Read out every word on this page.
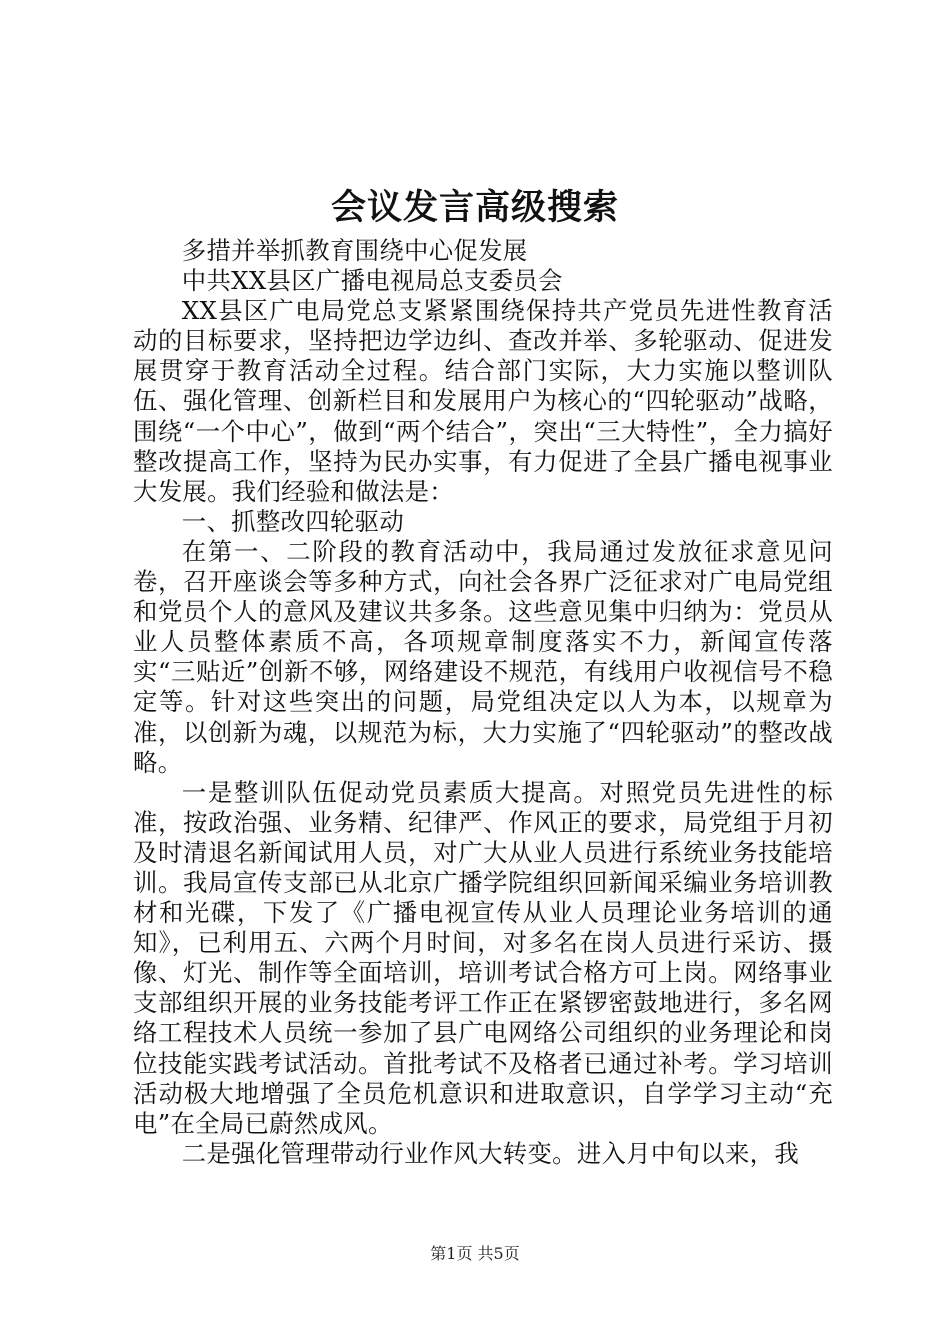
会议发言高级搜索

多措并举抓教育围绕中心促发展

中共XX县区广播电视局总支委员会

XX县区广电局党总支紧紧围绕保持共产党员先进性教育活动的目标要求，坚持把边学边纠、查改并举、多轮驱动、促进发展贯穿于教育活动全过程。结合部门实际，大力实施以整训队伍、强化管理、创新栏目和发展用户为核心的“四轮驱动”战略，围绕“一个中心”，做到“两个结合”，突出“三大特性”，全力搞好整改提高工作，坚持为民办实事，有力促进了全县广播电视事业大发展。我们经验和做法是：

一、抓整改四轮驱动

在第一、二阶段的教育活动中，我局通过发放征求意见问卷，召开座谈会等多种方式，向社会各界广泛征求对广电局党组和党员个人的意风及建议共多条。这些意见集中归纳为：党员从业人员整体素质不高，各项规章制度落实不力，新闻宣传落实“三贴近”创新不够，网络建设不规范，有线用户收视信号不稳定等。针对这些突出的问题，局党组决定以人为本，以规章为准，以创新为魂，以规范为标，大力实施了“四轮驱动”的整改战略。

一是整训队伍促动党员素质大提高。对照党员先进性的标准，按政治强、业务精、纪律严、作风正的要求，局党组于月初及时清退名新闻试用人员，对广大从业人员进行系统业务技能培训。我局宣传支部已从北京广播学院组织回新闻采编业务培训教材和光碟，下发了《广播电视宣传从业人员理论业务培训的通知》，已利用五、六两个月时间，对多名在岗人员进行采访、摄像、灯光、制作等全面培训，培训考试合格方可上岗。网络事业支部组织开展的业务技能考评工作正在紧锣密鼓地进行，多名网络工程技术人员统一参加了县广电网络公司组织的业务理论和岗位技能实践考试活动。首批考试不及格者已通过补考。学习培训活动极大地增强了全员危机意识和进取意识，自学学习主动“充电”在全局已蔚然成风。

二是强化管理带动行业作风大转变。进入月中旬以来，我

第1页 共5页
